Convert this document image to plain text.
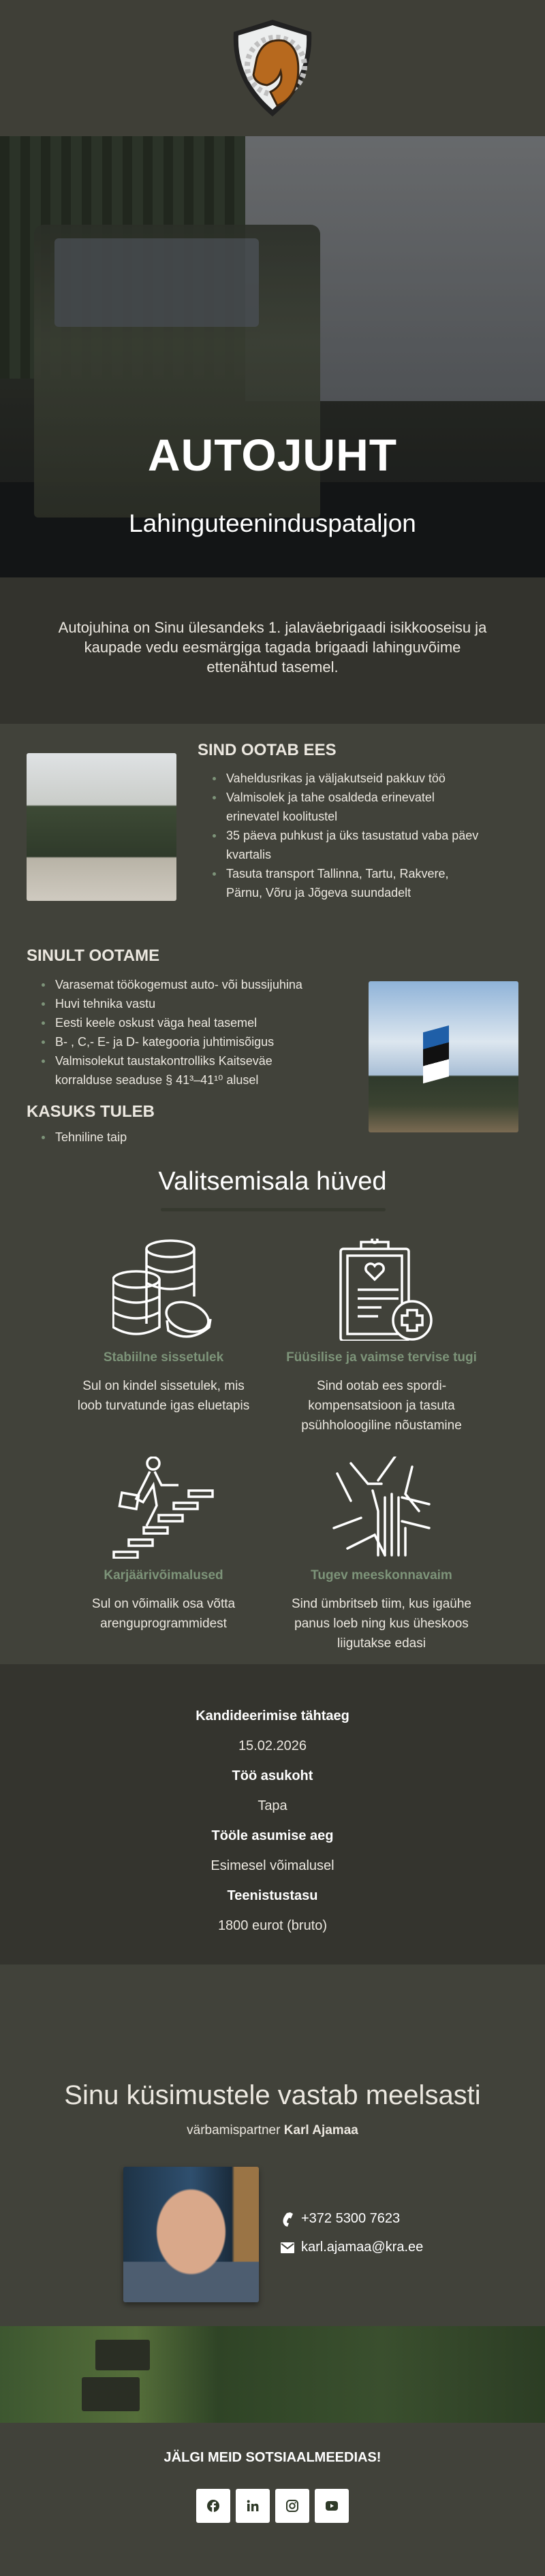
AUTOJUHT
Lahinguteeninduspataljon

Autojuhina on Sinu ülesandeks 1. jalaväebrigaadi isikkooseisu ja kaupade vedu eesmärgiga tagada brigaadi lahinguvõime ettenähtud tasemel.

SIND OOTAB EES
Vaheldusrikas ja väljakutseid pakkuv töö
Valmisolek ja tahe osaldeda erinevatel erinevatel koolitustel
35 päeva puhkust ja üks tasustatud vaba päev kvartalis
Tasuta transport Tallinna, Tartu, Rakvere, Pärnu, Võru ja Jõgeva suundadelt
SINULT OOTAME
Varasemat töökogemust auto- või bussijuhina
Huvi tehnika vastu
Eesti keele oskust väga heal tasemel
B- , C,- E- ja D- kategooria juhtimisõigus
Valmisolekut taustakontrolliks Kaitseväe korralduse seaduse § 41³–41¹⁰ alusel
KASUKS TULEB
Tehniline taip
Valitsemisala hüved
Stabiilne sissetulek
Sul on kindel sissetulek, mis loob turvatunde igas eluetapis
Füüsilise ja vaimse tervise tugi
Sind ootab ees spordi-kompensatsioon ja tasuta psühholoogiline nõustamine
Karjäärivõimalused
Sul on võimalik osa võtta arenguprogrammidest
Tugev meeskonnavaim
Sind ümbritseb tiim, kus igaühe panus loeb ning kus üheskoos liigutakse edasi
Kandideerimise tähtaeg
15.02.2026
Töö asukoht
Tapa
Tööle asumise aeg
Esimesel võimalusel
Teenistustasu
1800 eurot (bruto)
Sinu küsimustele vastab meelsasti
värbamispartner Karl Ajamaa
+372 5300 7623
karl.ajamaa@kra.ee
JÄLGI MEID SOTSIAALMEEDIAS!
